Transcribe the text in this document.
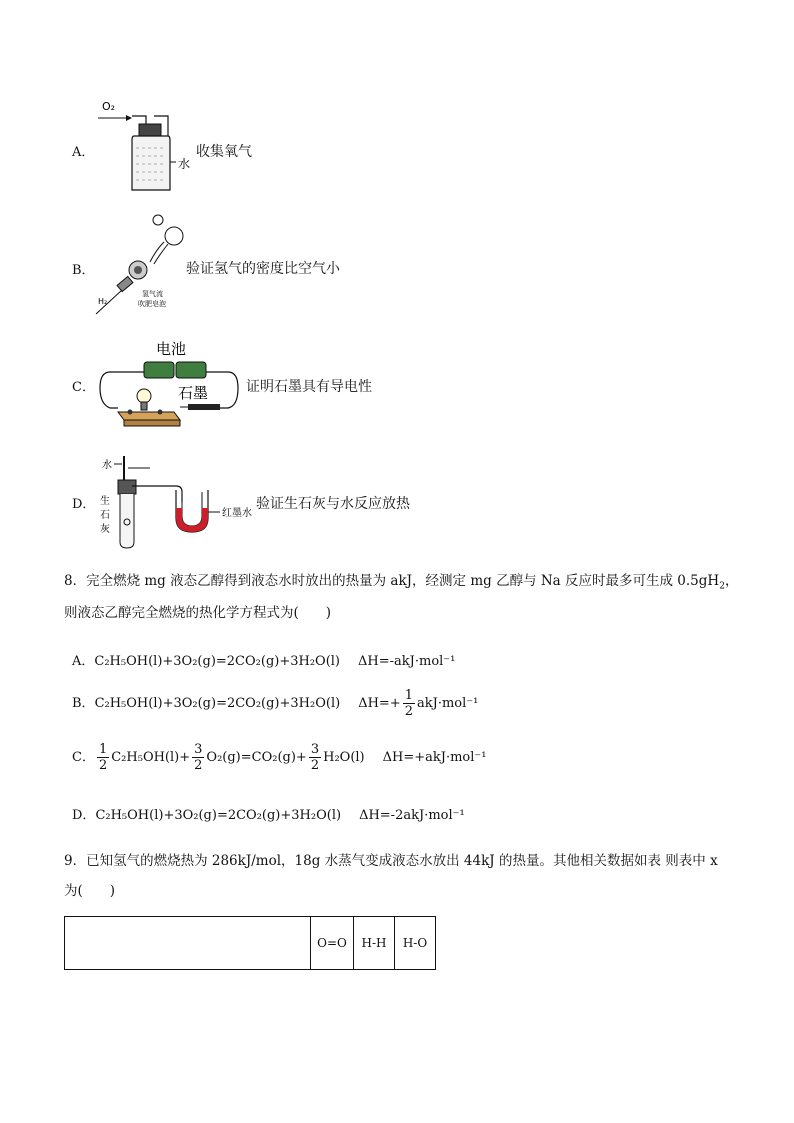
A．
O₂
水
收集氧气
B．
H₂
氢气流
吹肥皂泡
验证氢气的密度比空气小
C．
电池
石墨	证明石墨具有导电性
D．
水
生
石
灰
红墨水
验证生石灰与水反应放热
8．完全燃烧 mg 液态乙醇得到液态水时放出的热量为 akJ，经测定 mg 乙醇与 Na 反应时最多可生成 $0.5gH_2$，
则液态乙醇完全燃烧的热化学方程式为(　　)
A．C₂H₅OH(l)+3O₂(g)=2CO₂(g)+3H₂O(l) ΔH=-akJ·mol⁻¹
B．C₂H₅OH(l)+3O₂(g)=2CO₂(g)+3H₂O(l) $\Delta H=+ \frac{1}{2} akJ\cdot mol^{-1}$
C． $\frac{1}{2} C_2H_5OH(l)+ \frac{3}{2} O_2(g)=CO_2(g)+ \frac{3}{2} H_2O(l)$ ΔH=+akJ·mol⁻¹
D．C₂H₅OH(l)+3O₂(g)=2CO₂(g)+3H₂O(l) ΔH=-2akJ·mol⁻¹
9．已知氢气的燃烧热为 286kJ/mol，18g 水蒸气变成液态水放出 44kJ 的热量。其他相关数据如表 则表中 x
为(　　)
	O=O	H-H	H-O
